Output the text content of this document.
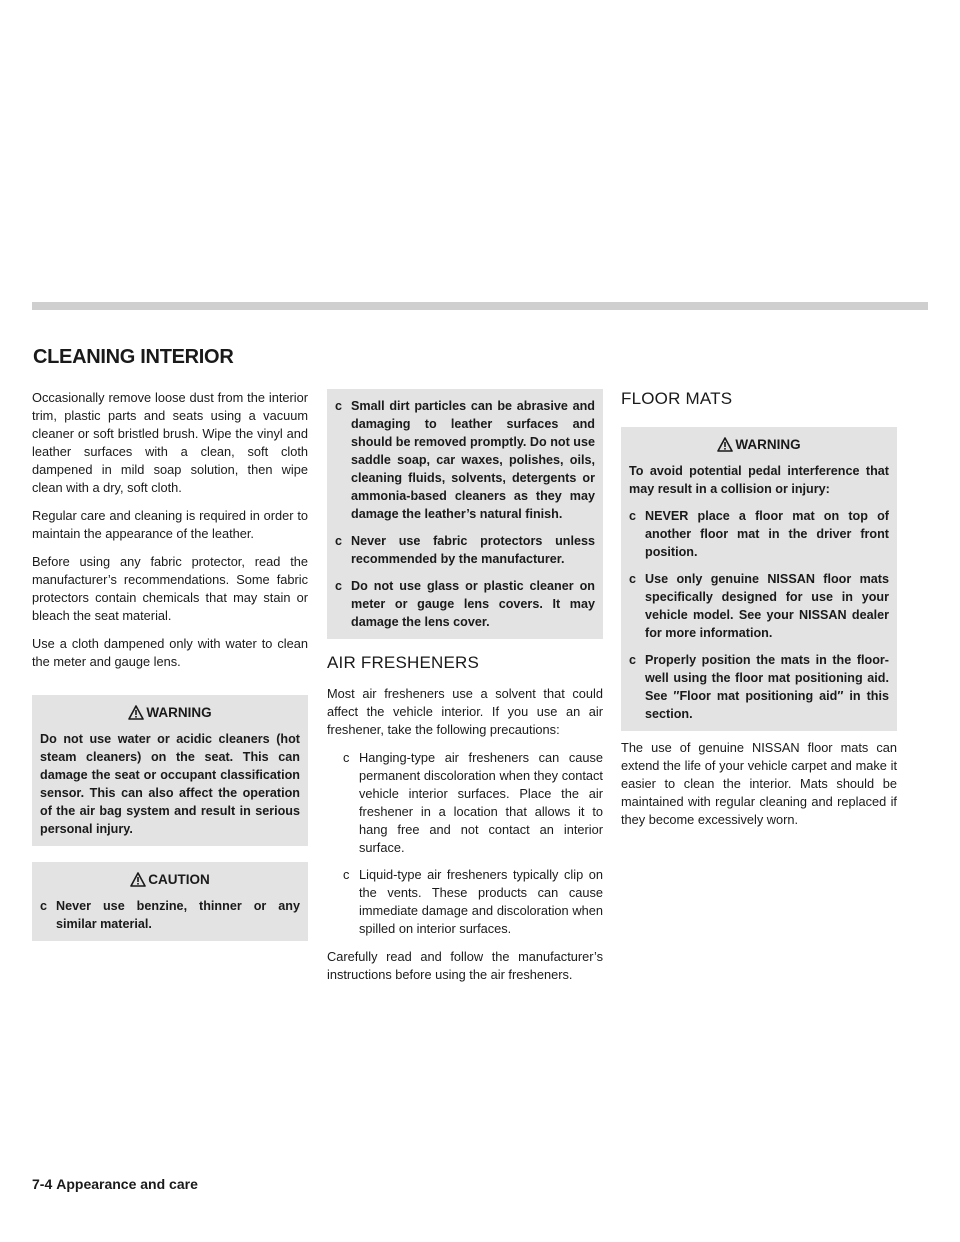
CLEANING INTERIOR

Occasionally remove loose dust from the interior trim, plastic parts and seats using a vacuum cleaner or soft bristled brush. Wipe the vinyl and leather surfaces with a clean, soft cloth dampened in mild soap solution, then wipe clean with a dry, soft cloth.

Regular care and cleaning is required in order to maintain the appearance of the leather.

Before using any fabric protector, read the manufacturer’s recommendations. Some fabric protectors contain chemicals that may stain or bleach the seat material.

Use a cloth dampened only with water to clean the meter and gauge lens.

WARNING

Do not use water or acidic cleaners (hot steam cleaners) on the seat. This can damage the seat or occupant classification sensor. This can also affect the operation of the air bag system and result in serious personal injury.

CAUTION
c Never use benzine, thinner or any similar material.
c Small dirt particles can be abrasive and damaging to leather surfaces and should be removed promptly. Do not use saddle soap, car waxes, polishes, oils, cleaning fluids, solvents, detergents or ammonia-based cleaners as they may damage the leather’s natural finish.
c Never use fabric protectors unless recommended by the manufacturer.
c Do not use glass or plastic cleaner on meter or gauge lens covers. It may damage the lens cover.
AIR FRESHENERS

Most air fresheners use a solvent that could affect the vehicle interior. If you use an air freshener, take the following precautions:

c Hanging-type air fresheners can cause permanent discoloration when they contact vehicle interior surfaces. Place the air freshener in a location that allows it to hang free and not contact an interior surface.
c Liquid-type air fresheners typically clip on the vents. These products can cause immediate damage and discoloration when spilled on interior surfaces.

Carefully read and follow the manufacturer’s instructions before using the air fresheners.

FLOOR MATS
WARNING

To avoid potential pedal interference that may result in a collision or injury:

c NEVER place a floor mat on top of another floor mat in the driver front position.
c Use only genuine NISSAN floor mats specifically designed for use in your vehicle model. See your NISSAN dealer for more information.
c Properly position the mats in the floor-well using the floor mat positioning aid. See ″Floor mat positioning aid″ in this section.

The use of genuine NISSAN floor mats can extend the life of your vehicle carpet and make it easier to clean the interior. Mats should be maintained with regular cleaning and replaced if they become excessively worn.

7-4 Appearance and care
